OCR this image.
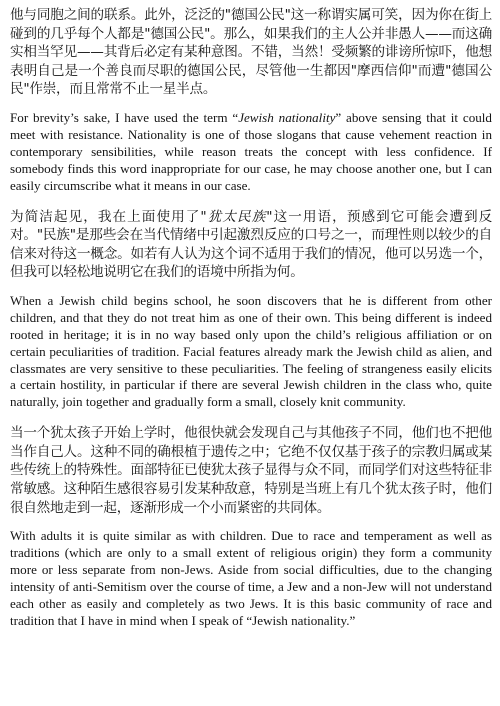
他与同胞之间的联系。此外，泛泛的"德国公民"这一称谓实属可笑，因为你在街上碰到的几乎每个人都是"德国公民"。那么，如果我们的主人公并非愚人——而这确实相当罕见——其背后必定有某种意图。不错，当然！受频繁的诽谤所惊吓，他想表明自己是一个善良而尽职的德国公民，尽管他一生都因"摩西信仰"而遭"德国公民"作崇，而且常常不止一星半点。

For brevity’s sake, I have used the term “Jewish nationality” above sensing that it could meet with resistance. Nationality is one of those slogans that cause vehement reaction in contemporary sensibilities, while reason treats the concept with less confidence. If somebody finds this word inappropriate for our case, he may choose another one, but I can easily circumscribe what it means in our case.

为简洁起见，我在上面使用了"犹太民族"这一用语，预感到它可能会遭到反对。"民族"是那些会在当代情绪中引起激烈反应的口号之一，而理性则以较少的自信来对待这一概念。如若有人认为这个词不适用于我们的情况，他可以另选一个，但我可以轻松地说明它在我们的语境中所指为何。

When a Jewish child begins school, he soon discovers that he is different from other children, and that they do not treat him as one of their own. This being different is indeed rooted in heritage; it is in no way based only upon the child’s religious affiliation or on certain peculiarities of tradition. Facial features already mark the Jewish child as alien, and classmates are very sensitive to these peculiarities. The feeling of strangeness easily elicits a certain hostility, in particular if there are several Jewish children in the class who, quite naturally, join together and gradually form a small, closely knit community.

当一个犹太孩子开始上学时，他很快就会发现自己与其他孩子不同，他们也不把他当作自己人。这种不同的确根植于遗传之中；它绝不仅仅基于孩子的宗教归属或某些传统上的特殊性。面部特征已使犹太孩子显得与众不同，而同学们对这些特征非常敏感。这种陌生感很容易引发某种敌意，特别是当班上有几个犹太孩子时，他们很自然地走到一起，逐渐形成一个小而紧密的共同体。

With adults it is quite similar as with children. Due to race and temperament as well as traditions (which are only to a small extent of religious origin) they form a community more or less separate from non-Jews. Aside from social difficulties, due to the changing intensity of anti-Semitism over the course of time, a Jew and a non-Jew will not understand each other as easily and completely as two Jews. It is this basic community of race and tradition that I have in mind when I speak of “Jewish nationality.”
